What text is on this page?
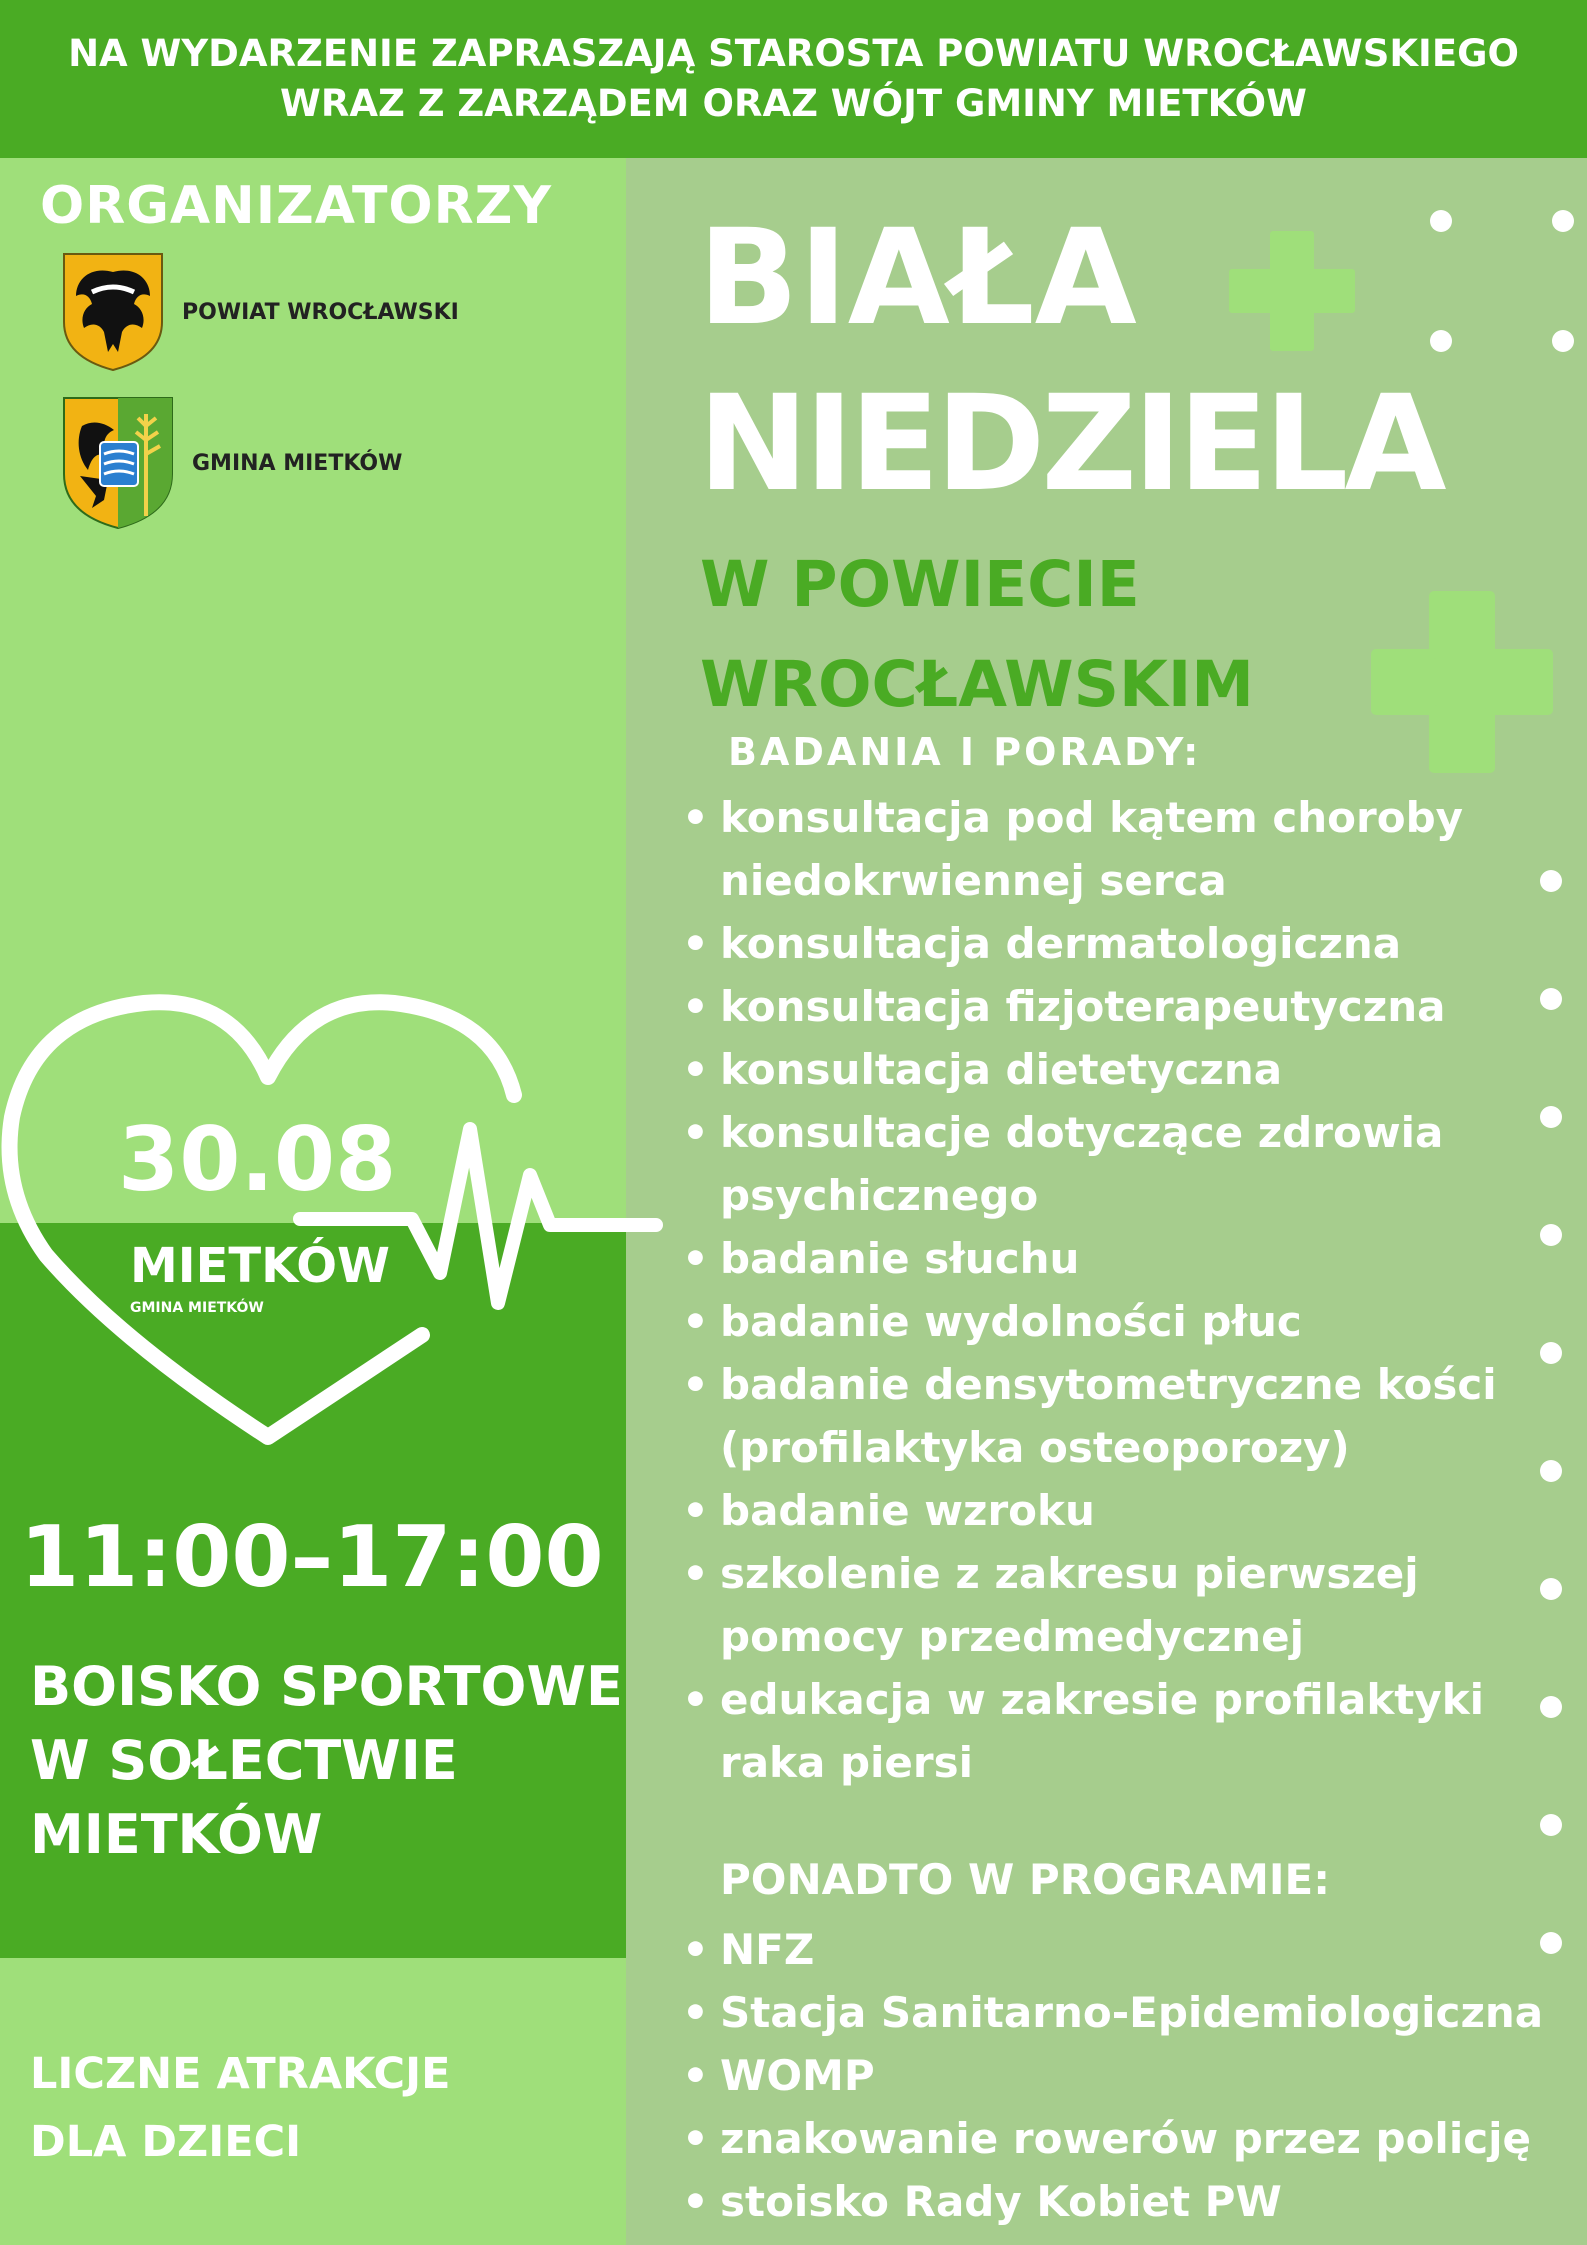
NA WYDARZENIE ZAPRASZAJĄ STAROSTA POWIATU WROCŁAWSKIEGO
WRAZ Z ZARZĄDEM ORAZ WÓJT GMINY MIETKÓW
ORGANIZATORZY
POWIAT WROCŁAWSKI
GMINA MIETKÓW
BIAŁA
NIEDZIELA
W POWIECIE
WROCŁAWSKIM
BADANIA I PORADY:
• konsultacja pod kątem choroby niedokrwiennej serca
• konsultacja dermatologiczna
• konsultacja fizjoterapeutyczna
• konsultacja dietetyczna
• konsultacje dotyczące zdrowia psychicznego
• badanie słuchu
• badanie wydolności płuc
• badanie densytometryczne kości (profilaktyka osteoporozy)
• badanie wzroku
• szkolenie z zakresu pierwszej pomocy przedmedycznej
• edukacja w zakresie profilaktyki raka piersi
PONADTO W PROGRAMIE:
• NFZ
• Stacja Sanitarno-Epidemiologiczna
• WOMP
• znakowanie rowerów przez policję
• stoisko Rady Kobiet PW
30.08
MIETKÓW
GMINA MIETKÓW
11:00–17:00
BOISKO SPORTOWE
W SOŁECTWIE
MIETKÓW
LICZNE ATRAKCJE
DLA DZIECI
